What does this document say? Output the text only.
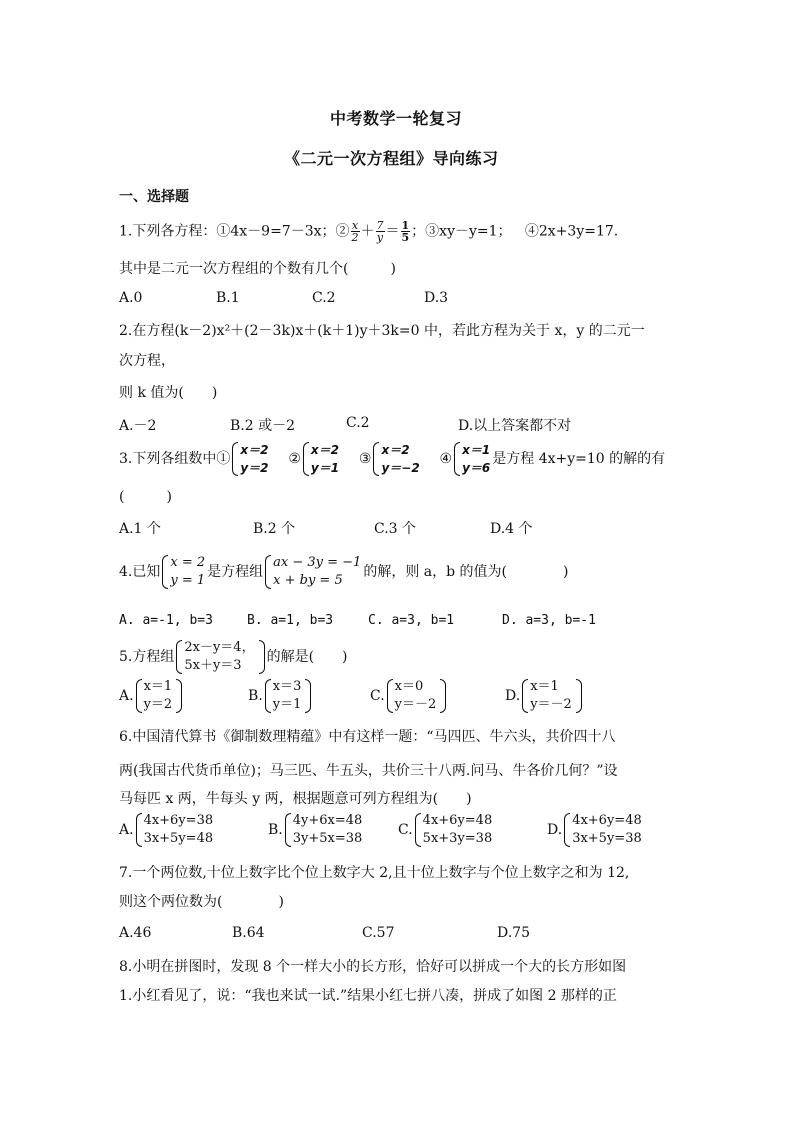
中考数学一轮复习
《二元一次方程组》导向练习
一、选择题
1.下列各方程：①4x－9=7－3x；② $\frac{x}{2} + \frac{7}{y} = \frac{1}{5}$ ；③xy－y=1； ④2x+3y=17.
其中是二元一次方程组的个数有几个(　　　)
A.0	B.1	C.2	D.3
2.在方程(k－2)x²＋(2－3k)x＋(k＋1)y＋3k=0 中，若此方程为关于 x，y 的二元一
次方程，
则 k 值为(　　)
A.－2	B.2 或－2	C.2	D.以上答案都不对
3.下列各组数中①
x＝2
y＝2
②
x＝2
y＝1
③
x＝2
y＝−2
④
x＝1
y＝6
是方程 4x+y=10 的解的有
(　　　)
A.1 个	B.2 个	C.3 个	D.4 个
4.已知
x = 2
y = 1
是方程组
ax − 3y = −1
x + by = 5
的解，则 a，b 的值为(　　　　)
A. a=-1, b=3	B. a=1, b=3	C. a=3, b=1	D. a=3, b=-1
5.方程组
2x－y＝4，
5x＋y＝3
的解是(　　)
A.
x＝1
y＝2
B.
x＝3
y＝1
C.
x＝0
y＝－2
D.
x＝1
y＝－2
6.中国清代算书《御制数理精蕴》中有这样一题：“马四匹、牛六头，共价四十八
两(我国古代货币单位)；马三匹、牛五头，共价三十八两.问马、牛各价几何？”设
马每匹 x 两，牛每头 y 两，根据题意可列方程组为(　　)
A.
4x+6y=38
3x+5y=48
B.
4y+6x=48
3y+5x=38
C.
4x+6y=48
5x+3y=38
D.
4x+6y=48
3x+5y=38
7.一个两位数,十位上数字比个位上数字大 2,且十位上数字与个位上数字之和为 12,
则这个两位数为(　　　　)
A.46	B.64	C.57	D.75
8.小明在拼图时，发现 8 个一样大小的长方形，恰好可以拼成一个大的长方形如图
1.小红看见了，说：“我也来试一试.”结果小红七拼八凑，拼成了如图 2 那样的正
